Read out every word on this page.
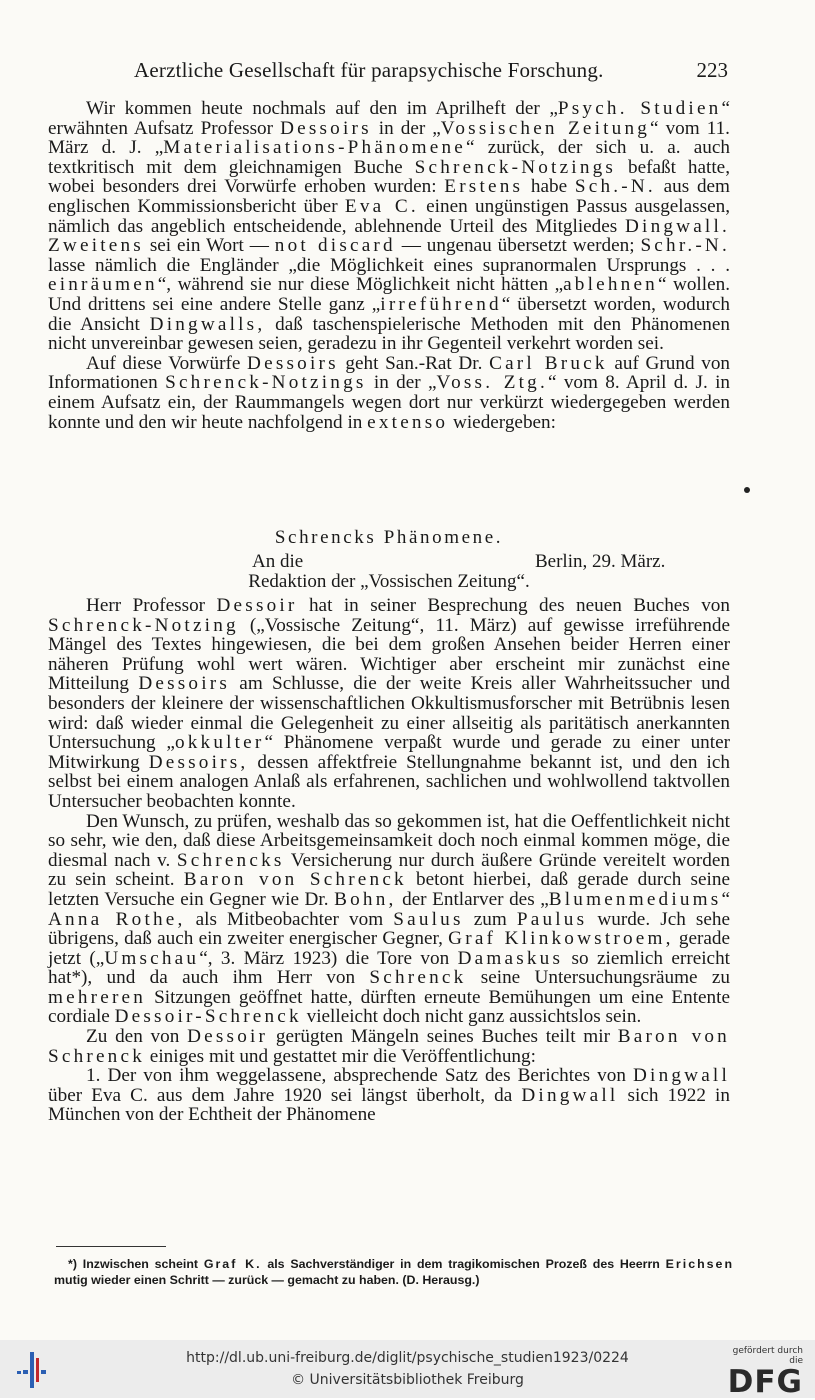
Aerztliche Gesellschaft für parapsychische Forschung.	223

Wir kommen heute nochmals auf den im Aprilheft der „Psych. Studien“ erwähnten Aufsatz Professor Dessoirs in der „Vossischen Zeitung“ vom 11. März d. J. „Materialisations-Phänomene“ zurück, der sich u. a. auch textkritisch mit dem gleichnamigen Buche Schrenck-Notzings befaßt hatte, wobei besonders drei Vorwürfe erhoben wurden: Erstens habe Sch.-N. aus dem englischen Kommissionsbericht über Eva C. einen ungünstigen Passus ausgelassen, nämlich das angeblich entscheidende, ablehnende Urteil des Mitgliedes Dingwall. Zweitens sei ein Wort — not discard — ungenau übersetzt werden; Schr.-N. lasse nämlich die Engländer „die Möglichkeit eines supranormalen Ursprungs . . . einräumen“, während sie nur diese Möglichkeit nicht hätten „ablehnen“ wollen. Und drittens sei eine andere Stelle ganz „irreführend“ übersetzt worden, wodurch die Ansicht Dingwalls, daß taschenspielerische Methoden mit den Phänomenen nicht unvereinbar gewesen seien, geradezu in ihr Gegenteil verkehrt worden sei.

Auf diese Vorwürfe Dessoirs geht San.-Rat Dr. Carl Bruck auf Grund von Informationen Schrenck-Notzings in der „Voss. Ztg.“ vom 8. April d. J. in einem Aufsatz ein, der Raummangels wegen dort nur verkürzt wiedergegeben werden konnte und den wir heute nachfolgend in extenso wiedergeben:

Schrencks Phänomene.
An die	Berlin, 29. März.
Redaktion der „Vossischen Zeitung“.

Herr Professor Dessoir hat in seiner Besprechung des neuen Buches von Schrenck-Notzing („Vossische Zeitung“, 11. März) auf gewisse irreführende Mängel des Textes hingewiesen, die bei dem großen Ansehen beider Herren einer näheren Prüfung wohl wert wären. Wichtiger aber erscheint mir zunächst eine Mitteilung Dessoirs am Schlusse, die der weite Kreis aller Wahrheitssucher und besonders der kleinere der wissenschaftlichen Okkultismusforscher mit Betrübnis lesen wird: daß wieder einmal die Gelegenheit zu einer allseitig als paritätisch anerkannten Untersuchung „okkulter“ Phänomene verpaßt wurde und gerade zu einer unter Mitwirkung Dessoirs, dessen affektfreie Stellungnahme bekannt ist, und den ich selbst bei einem analogen Anlaß als erfahrenen, sachlichen und wohlwollend taktvollen Untersucher beobachten konnte.

Den Wunsch, zu prüfen, weshalb das so gekommen ist, hat die Oeffentlichkeit nicht so sehr, wie den, daß diese Arbeitsgemeinsamkeit doch noch einmal kommen möge, die diesmal nach v. Schrencks Versicherung nur durch äußere Gründe vereitelt worden zu sein scheint. Baron von Schrenck betont hierbei, daß gerade durch seine letzten Versuche ein Gegner wie Dr. Bohn, der Entlarver des „Blumenmediums“ Anna Rothe, als Mitbeobachter vom Saulus zum Paulus wurde. Jch sehe übrigens, daß auch ein zweiter energischer Gegner, Graf Klinkowstroem, gerade jetzt („Umschau“, 3. März 1923) die Tore von Damaskus so ziemlich erreicht hat*), und da auch ihm Herr von Schrenck seine Untersuchungsräume zu mehreren Sitzungen geöffnet hatte, dürften erneute Bemühungen um eine Entente cordiale Dessoir-Schrenck vielleicht doch nicht ganz aussichtslos sein.

Zu den von Dessoir gerügten Mängeln seines Buches teilt mir Baron von Schrenck einiges mit und gestattet mir die Veröffentlichung:

1. Der von ihm weggelassene, absprechende Satz des Berichtes von Dingwall über Eva C. aus dem Jahre 1920 sei längst überholt, da Dingwall sich 1922 in München von der Echtheit der Phänomene

*) Inzwischen scheint Graf K. als Sachverständiger in dem tragikomischen Prozeß des Heerrn Erichsen mutig wieder einen Schritt — zurück — gemacht zu haben. (D. Herausg.)

http://dl.ub.uni-freiburg.de/diglit/psychische_studien1923/0224
© Universitätsbibliothek Freiburg
gefördert durch die
DFG
